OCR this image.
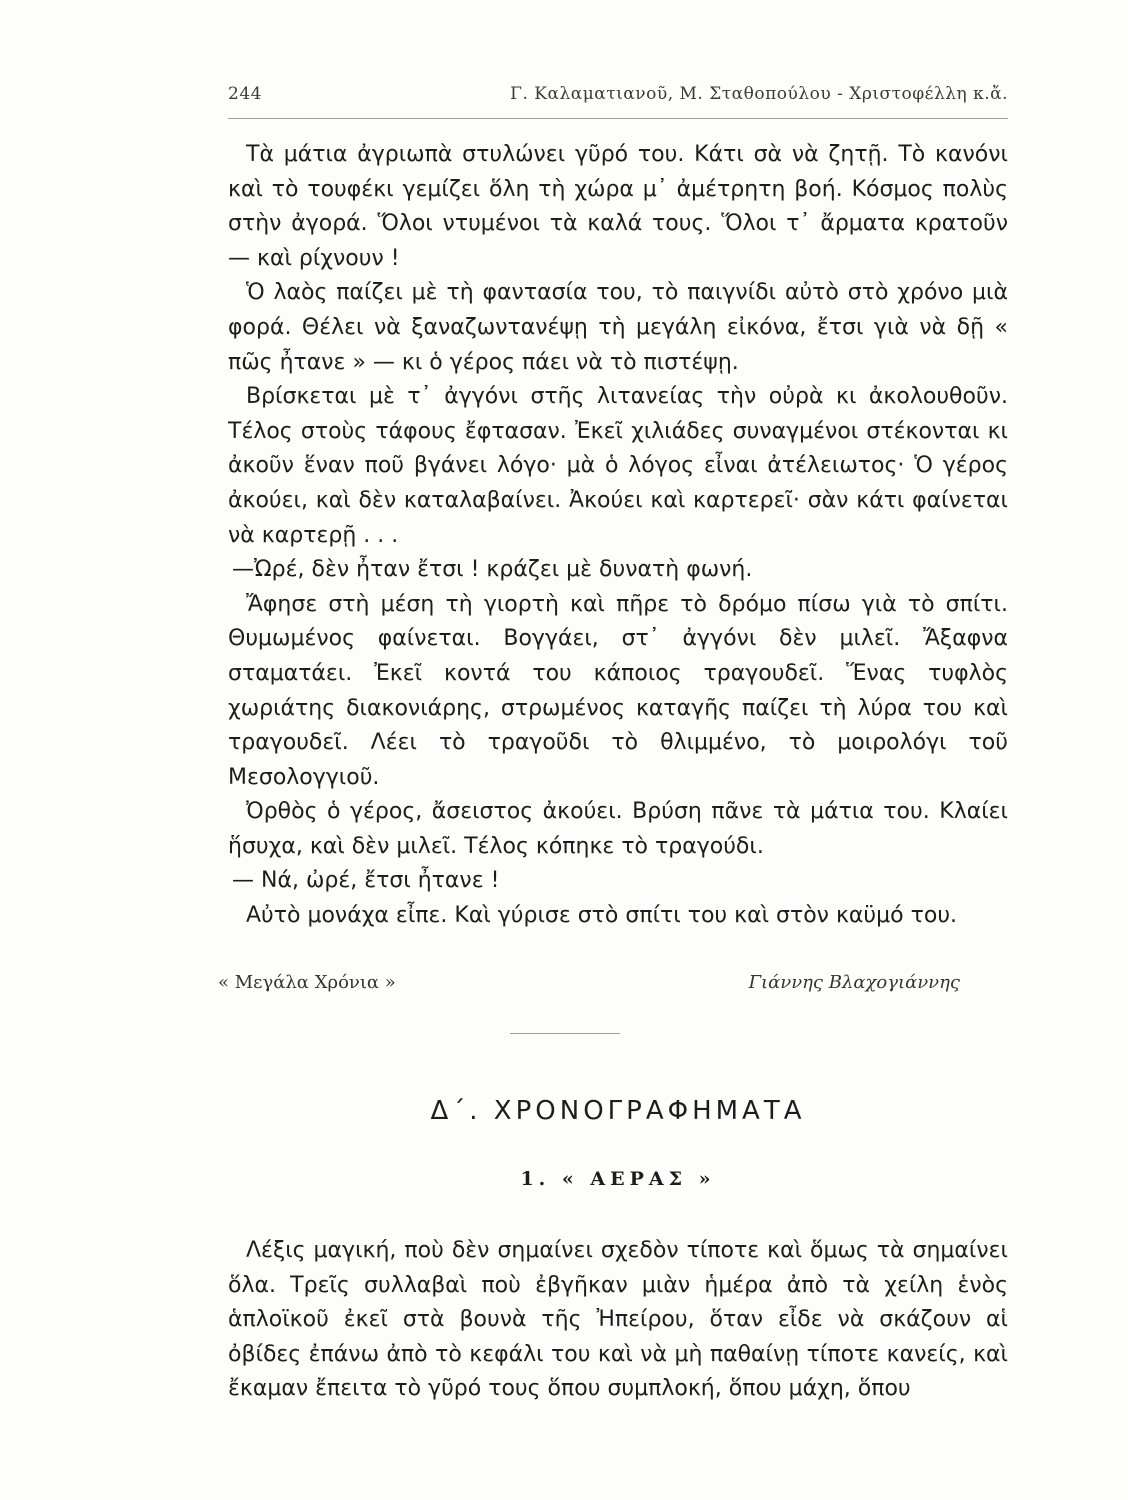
244	Γ. Καλαματιανοῦ, Μ. Σταθοπούλου - Χριστοφέλλη κ.ἄ.

Τὰ μάτια ἀγριωπὰ στυλώνει γῦρό του. Κάτι σὰ νὰ ζητῇ. Τὸ κανόνι καὶ τὸ τουφέκι γεμίζει ὅλη τὴ χώρα μ᾿ ἀμέτρητη βοή. Κόσμος πολὺς στὴν ἀγορά. Ὅλοι ντυμένοι τὰ καλά τους. Ὅλοι τ᾿ ἄρματα κρατοῦν — καὶ ρίχνουν !

Ὁ λαὸς παίζει μὲ τὴ φαντασία του, τὸ παιγνίδι αὐτὸ στὸ χρόνο μιὰ φορά. Θέλει νὰ ξαναζωντανέψῃ τὴ μεγάλη εἰκόνα, ἔτσι γιὰ νὰ δῇ « πῶς ἦτανε » — κι ὁ γέρος πάει νὰ τὸ πιστέψῃ.

Βρίσκεται μὲ τ᾿ ἀγγόνι στῆς λιτανείας τὴν οὐρὰ κι ἀκολουθοῦν. Τέλος στοὺς τάφους ἔφτασαν. Ἐκεῖ χιλιάδες συναγμένοι στέκονται κι ἀκοῦν ἕναν ποῦ βγάνει λόγο· μὰ ὁ λόγος εἶναι ἀτέλειωτος· Ὁ γέρος ἀκούει, καὶ δὲν καταλαβαίνει. Ἀκούει καὶ καρτερεῖ· σὰν κάτι φαίνεται νὰ καρτερῇ . . .

—Ὠρέ, δὲν ἦταν ἔτσι ! κράζει μὲ δυνατὴ φωνή.

Ἄφησε στὴ μέση τὴ γιορτὴ καὶ πῆρε τὸ δρόμο πίσω γιὰ τὸ σπίτι. Θυμωμένος φαίνεται. Βογγάει, στ᾿ ἀγγόνι δὲν μιλεῖ. Ἄξαφνα σταματάει. Ἐκεῖ κοντά του κάποιος τραγουδεῖ. Ἕνας τυφλὸς χωριάτης διακονιάρης, στρωμένος καταγῆς παίζει τὴ λύρα του καὶ τραγουδεῖ. Λέει τὸ τραγοῦδι τὸ θλιμμένο, τὸ μοιρολόγι τοῦ Μεσολογγιοῦ.

Ὀρθὸς ὁ γέρος, ἄσειστος ἀκούει. Βρύση πᾶνε τὰ μάτια του. Κλαίει ἥσυχα, καὶ δὲν μιλεῖ. Τέλος κόπηκε τὸ τραγούδι.

— Νά, ὠρέ, ἔτσι ἦτανε !

Αὐτὸ μονάχα εἶπε. Καὶ γύρισε στὸ σπίτι του καὶ στὸν καϋμό του.

« Μεγάλα Χρόνια »	Γιάννης Βλαχογιάννης
Δ΄. ΧΡΟΝΟΓΡΑΦΗΜΑΤΑ
1. « ΑΕΡΑΣ »

Λέξις μαγική, ποὺ δὲν σημαίνει σχεδὸν τίποτε καὶ ὅμως τὰ σημαίνει ὅλα. Τρεῖς συλλαβαὶ ποὺ ἐβγῆκαν μιὰν ἡμέρα ἀπὸ τὰ χείλη ἑνὸς ἁπλοϊκοῦ ἐκεῖ στὰ βουνὰ τῆς Ἠπείρου, ὅταν εἶδε νὰ σκάζουν αἱ ὀβίδες ἐπάνω ἀπὸ τὸ κεφάλι του καὶ νὰ μὴ παθαίνῃ τίποτε κανείς, καὶ ἔκαμαν ἔπειτα τὸ γῦρό τους ὅπου συμπλοκή, ὅπου μάχη, ὅπου
